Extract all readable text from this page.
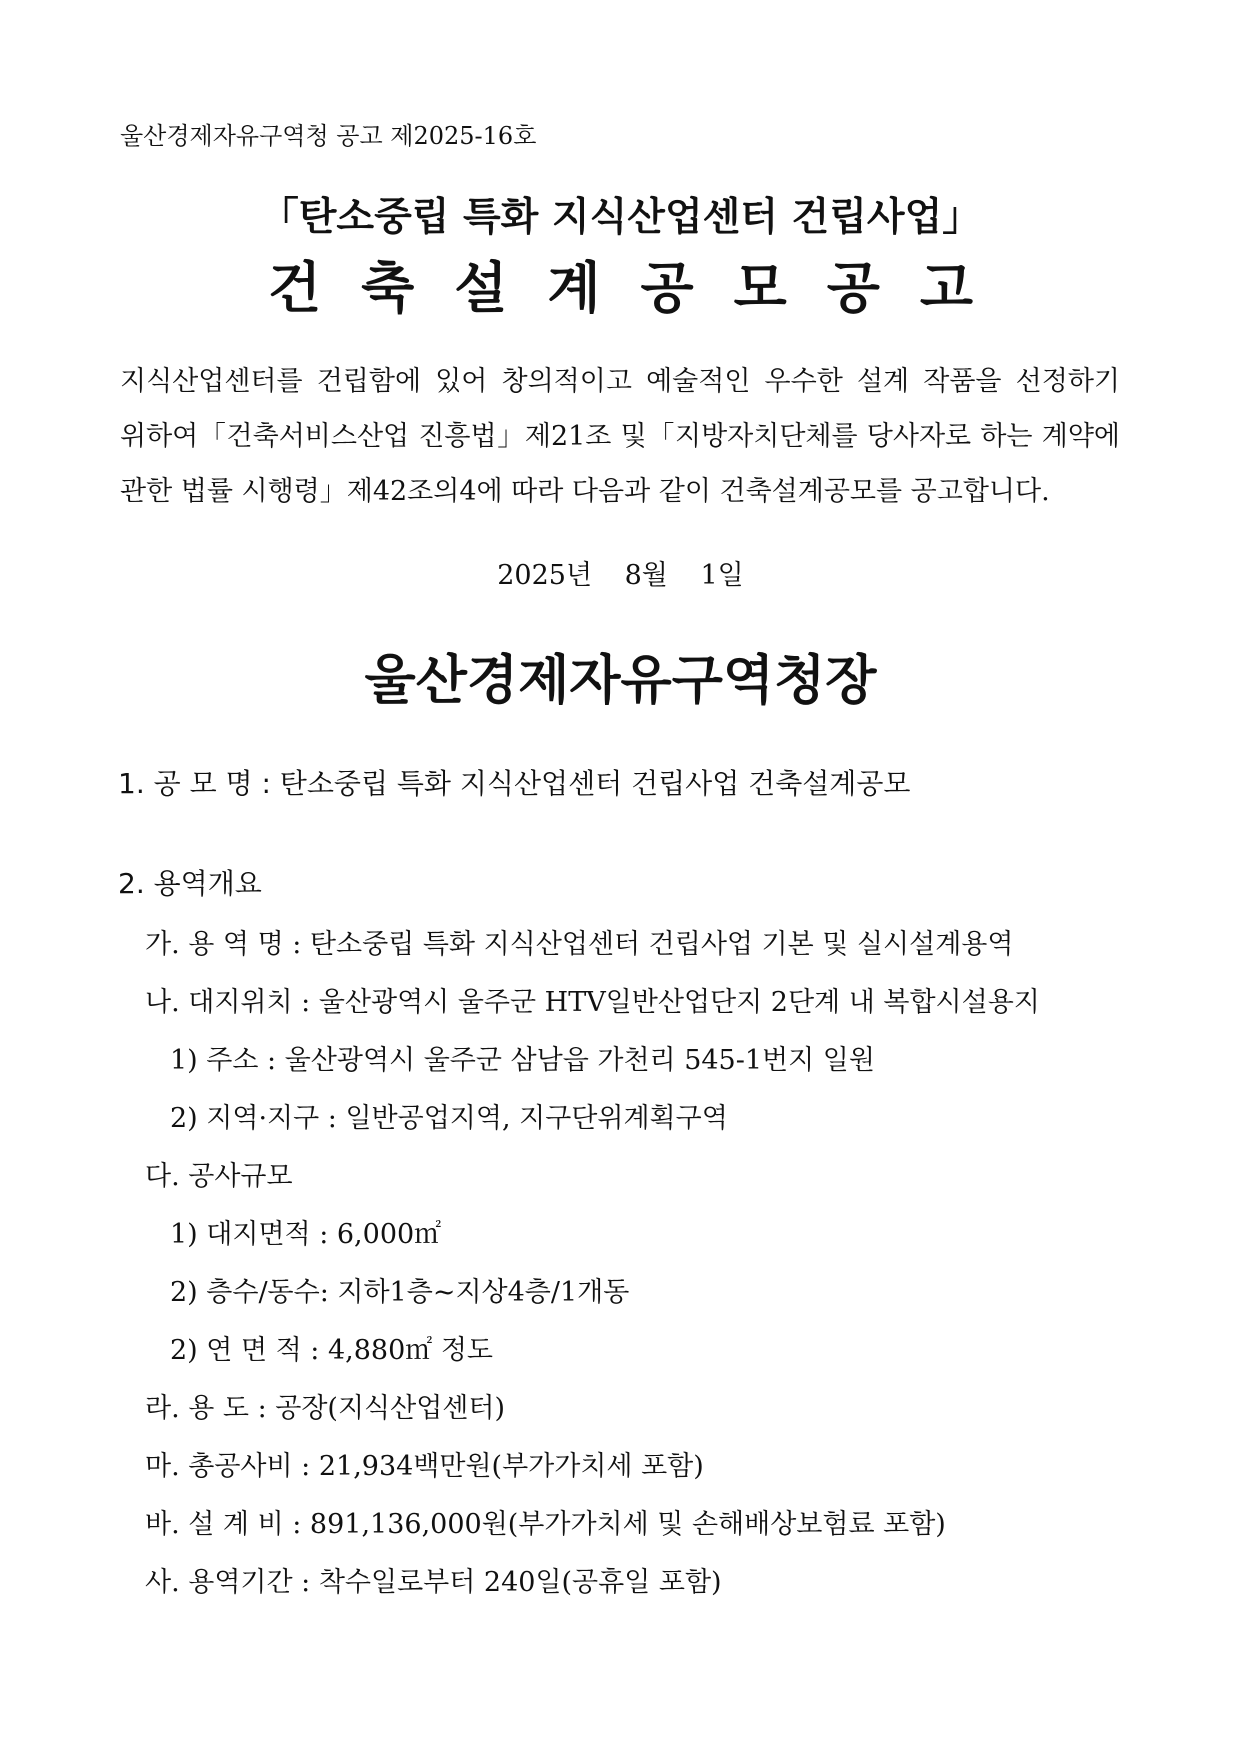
울산경제자유구역청 공고 제2025-16호
「탄소중립 특화 지식산업센터 건립사업」
건축설계공모공고
지식산업센터를 건립함에 있어 창의적이고 예술적인 우수한 설계 작품을 선정하기
위하여「건축서비스산업 진흥법」제21조 및「지방자치단체를 당사자로 하는 계약에
관한 법률 시행령」제42조의4에 따라 다음과 같이 건축설계공모를 공고합니다.
2025년 8월 1일
울산경제자유구역청장
1. 공 모 명 : 탄소중립 특화 지식산업센터 건립사업 건축설계공모
2. 용역개요
가. 용 역 명 : 탄소중립 특화 지식산업센터 건립사업 기본 및 실시설계용역
나. 대지위치 : 울산광역시 울주군 HTV일반산업단지 2단계 내 복합시설용지
1) 주소 : 울산광역시 울주군 삼남읍 가천리 545-1번지 일원
2) 지역·지구 : 일반공업지역, 지구단위계획구역
다. 공사규모
1) 대지면적 : 6,000㎡
2) 층수/동수: 지하1층~지상4층/1개동
2) 연 면 적 : 4,880㎡ 정도
라. 용 도 : 공장(지식산업센터)
마. 총공사비 : 21,934백만원(부가가치세 포함)
바. 설 계 비 : 891,136,000원(부가가치세 및 손해배상보험료 포함)
사. 용역기간 : 착수일로부터 240일(공휴일 포함)
